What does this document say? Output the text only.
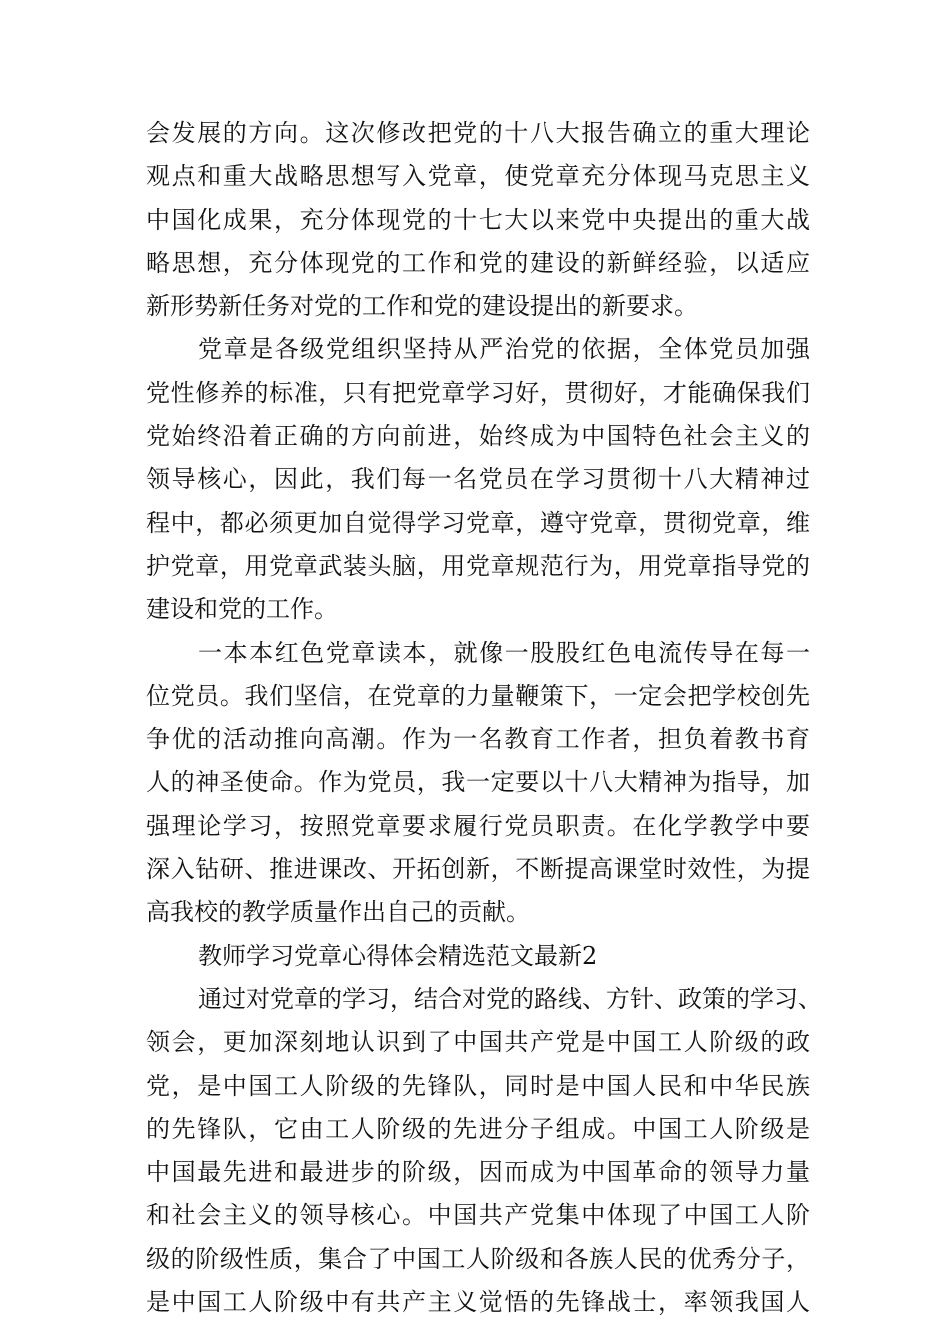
会发展的方向。这次修改把党的十八大报告确立的重大理论
观点和重大战略思想写入党章，使党章充分体现马克思主义
中国化成果，充分体现党的十七大以来党中央提出的重大战
略思想，充分体现党的工作和党的建设的新鲜经验，以适应
新形势新任务对党的工作和党的建设提出的新要求。
党章是各级党组织坚持从严治党的依据，全体党员加强
党性修养的标准，只有把党章学习好，贯彻好，才能确保我们
党始终沿着正确的方向前进，始终成为中国特色社会主义的
领导核心，因此，我们每一名党员在学习贯彻十八大精神过
程中，都必须更加自觉得学习党章，遵守党章，贯彻党章，维
护党章，用党章武装头脑，用党章规范行为，用党章指导党的
建设和党的工作。
一本本红色党章读本，就像一股股红色电流传导在每一
位党员。我们坚信，在党章的力量鞭策下，一定会把学校创先
争优的活动推向高潮。作为一名教育工作者，担负着教书育
人的神圣使命。作为党员，我一定要以十八大精神为指导，加
强理论学习，按照党章要求履行党员职责。在化学教学中要
深入钻研、推进课改、开拓创新，不断提高课堂时效性，为提
高我校的教学质量作出自己的贡献。
教师学习党章心得体会精选范文最新2
通过对党章的学习，结合对党的路线、方针、政策的学习、
领会，更加深刻地认识到了中国共产党是中国工人阶级的政
党，是中国工人阶级的先锋队，同时是中国人民和中华民族
的先锋队，它由工人阶级的先进分子组成。中国工人阶级是
中国最先进和最进步的阶级，因而成为中国革命的领导力量
和社会主义的领导核心。中国共产党集中体现了中国工人阶
级的阶级性质，集合了中国工人阶级和各族人民的优秀分子，
是中国工人阶级中有共产主义觉悟的先锋战士，率领我国人
